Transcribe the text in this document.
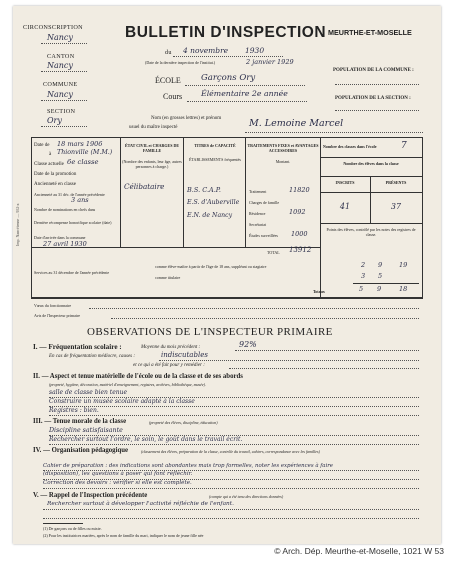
CIRCONSCRIPTION
Nancy
CANTON
Nancy
COMMUNE
Nancy
SECTION
Ory
BULLETIN D'INSPECTION MEURTHE-ET-MOSELLE
du 4 novembre 1930
(Date de la dernière inspection de l'institut.)	2 janvier 1929
POPULATION DE LA COMMUNE :
ÉCOLE Garçons Ory
Cours Élémentaire 2e année
POPULATION DE LA SECTION :
Nom (en grosses lettres) et prénom
usuel du maître inspecté	M. Lemoine Marcel
Date de 18 mars 1906
à Thionville (M.M.)
Classe actuelle 6e classe
Date de la promotion
Ancienneté en classe
Ancienneté au 31 déc. de l'année précédente
3 ans
Nombre de nominations en chefs dans
Dernière récompense honorifique scolaire (date)
Date d'arrivée dans la commune
27 avril 1930
ÉTAT CIVIL et CHARGES DE FAMILLE
(Nombre des enfants, leur âge, autres personnes à charge.)
Célibataire
TITRES de CAPACITÉ
ÉTABLISSEMENTS fréquentés
B.S. C.A.P.
E.S. d'Auberville
E.N. de Nancy
TRAITEMENTS FIXES et AVANTAGES ACCESSOIRES
Montant.
Traitement	11820
Charges de famille
Résidence	1092
Secrétariat
Études surveillées 1000
TOTAL 13912
Nombre des classes dans l'école	7
Nombre des élèves dans la classe
INSCRITS	PRÉSENTS
41	37
Points des élèves, contrôlé par les notes des registres de classe.
Services au 31 décembre de l'année précédente
comme élève-maître à partir de l'âge de 18 ans, suppléant ou stagiaire
comme titulaire
Totaux
2 9	19
3 5
5 9	18
Vœux du fonctionnaire
Avis de l'Inspecteur primaire
OBSERVATIONS DE L'INSPECTEUR PRIMAIRE
I. — Fréquentation scolaire :	Moyenne du mois précédent :	92%
En cas de fréquentation médiocre, causes :	indiscutables
et ce qui a été fait pour y remédier :
II. — Aspect et tenue matérielle de l'école ou de la classe et de ses abords
(propreté, hygiène, décoration, matériel d'enseignement, registres, archives, bibliothèque, musée).
salle de classe bien tenue
Construire un musée scolaire adapté à la classe
Registres : bien.
III. — Tenue morale de la classe	(propreté des élèves, discipline, éducation)
Discipline satisfaisante
Rechercher surtout l'ordre, le soin, le goût dans le travail écrit.
IV. — Organisation pédagogique	(classement des élèves, préparation de la classe, contrôle du travail, cahiers, correspondance avec les familles)
Cahier de préparation : des indications sont abondantes mais trop formelles, noter les expériences à faire
(disposition), les questions à poser qui font réfléchir.
Correction des devoirs : vérifier si elle est complète.
V. — Rappel de l'Inspection précédente	(compte qui a été tenu des directions données)
Rechercher surtout à développer l'activité réfléchie de l'enfant.
(1) De garçons ou de filles ou mixte.
(2) Pour les institutrices mariées, après le nom de famille du mari, indiquer le nom de jeune fille née
Imp. Nancéienne — 952-a
© Arch. Dép. Meurthe-et-Moselle, 1021 W 53
